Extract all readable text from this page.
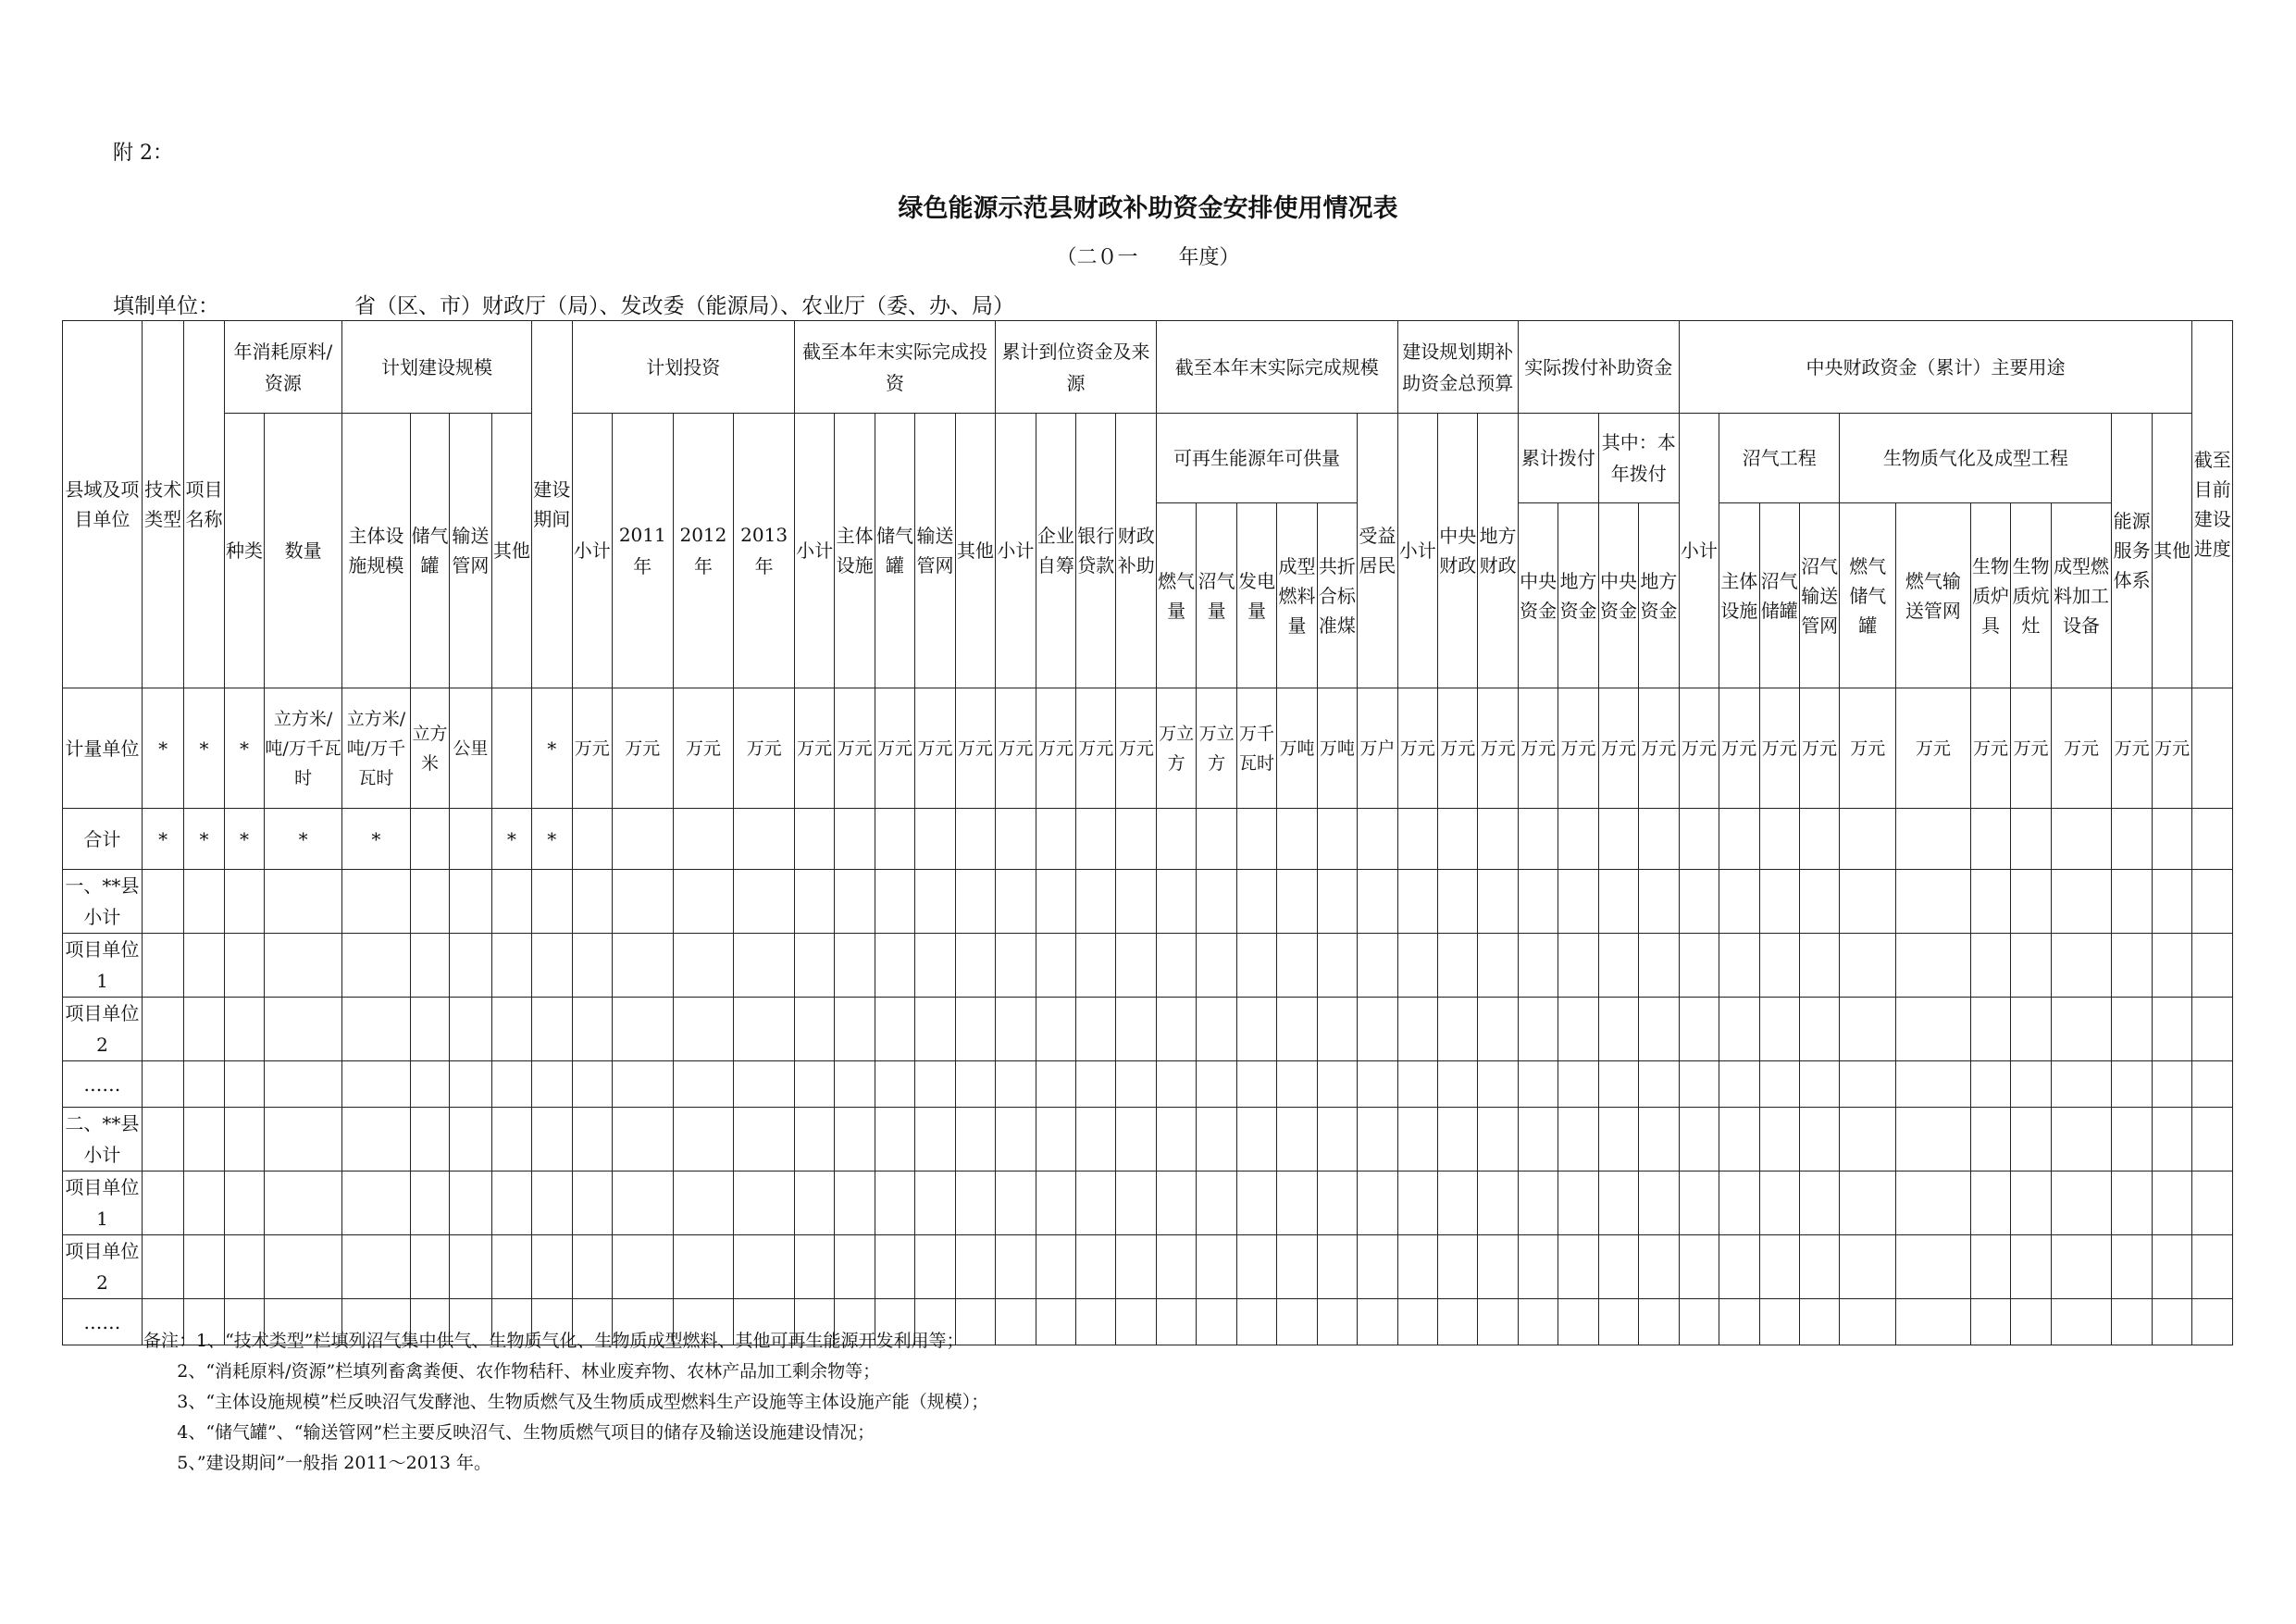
附 2：
绿色能源示范县财政补助资金安排使用情况表
（二０一　　年度）
填制单位：	省（区、市）财政厅（局）、发改委（能源局）、农业厅（委、办、局）
县域及项目单位	技术类型	项目名称	年消耗原料/资源		计划建设规模				建设期间	计划投资				截至本年末实际完成投资					累计到位资金及来源				截至本年末实际完成规模						建设规划期补助资金总预算			实际拨付补助资金				中央财政资金（累计）主要用途											截至目前建设进度
			种类	数量	主体设施规模	储气罐	输送管网	其他		小计	2011年	2012年	2013年	小计	主体设施	储气罐	输送管网	其他	小计	企业自筹	银行贷款	财政补助	可再生能源年可供量					受益居民	小计	中央财政	地方财政	累计拨付		其中：本年拨付		小计	沼气工程			生物质气化及成型工程					能源服务体系	其他	
																							燃气量	沼气量	发电量	成型燃料量	共折合标准煤					中央资金	地方资金	中央资金	地方资金		主体设施	沼气储罐	沼气输送管网	燃气储气罐	燃气输送管网	生物质炉具	生物质炕灶	成型燃料加工设备			
计量单位	*	*	*	立方米/吨/万千瓦时	立方米/吨/万千瓦时	立方米	公里		*	万元	万元	万元	万元	万元	万元	万元	万元	万元	万元	万元	万元	万元	万立方	万立方	万千瓦时	万吨	万吨	万户	万元	万元	万元	万元	万元	万元	万元	万元	万元	万元	万元	万元	万元	万元	万元	万元	万元	万元	
合计	*	*	*	*	*			*	*																																						
一、**县小计																																															
项目单位1																																															
项目单位2																																															
……																																															
二、**县小计																																															
项目单位1																																															
项目单位2																																															
……																																															
备注：1、“技术类型”栏填列沼气集中供气、生物质气化、生物质成型燃料、其他可再生能源开发利用等；
2、“消耗原料/资源”栏填列畜禽粪便、农作物秸秆、林业废弃物、农林产品加工剩余物等；
3、“主体设施规模”栏反映沼气发酵池、生物质燃气及生物质成型燃料生产设施等主体设施产能（规模）；
4、“储气罐”、“输送管网”栏主要反映沼气、生物质燃气项目的储存及输送设施建设情况；
5、”建设期间”一般指 2011～2013 年。
